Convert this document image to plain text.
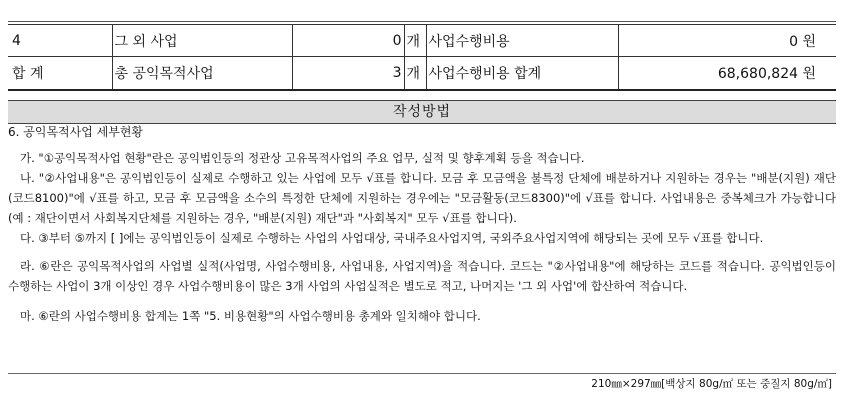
4	그 외 사업	0	개	사업수행비용	0 원
합 계	총 공익목적사업	3	개	사업수행비용 합계	68,680,824 원
작성방법
6. 공익목적사업 세부현황

가. "①공익목적사업 현황"란은 공익법인등의 정관상 고유목적사업의 주요 업무, 실적 및 향후계획 등을 적습니다.

나. "②사업내용"은 공익법인등이 실제로 수행하고 있는 사업에 모두 √표를 합니다. 모금 후 모금액을 불특정 단체에 배분하거나 지원하는 경우는 "배분(지원) 재단(코드8100)"에 √표를 하고, 모금 후 모금액을 소수의 특정한 단체에 지원하는 경우에는 "모금활동(코드8300)"에 √표를 합니다. 사업내용은 중복체크가 가능합니다(예 : 재단이면서 사회복지단체를 지원하는 경우, "배분(지원) 재단"과 "사회복지" 모두 √표를 합니다).

다. ③부터 ⑤까지 [ ]에는 공익법인등이 실제로 수행하는 사업의 사업대상, 국내주요사업지역, 국외주요사업지역에 해당되는 곳에 모두 √표를 합니다.

라. ⑥란은 공익목적사업의 사업별 실적(사업명, 사업수행비용, 사업내용, 사업지역)을 적습니다. 코드는 "②사업내용"에 해당하는 코드를 적습니다. 공익법인등이 수행하는 사업이 3개 이상인 경우 사업수행비용이 많은 3개 사업의 사업실적은 별도로 적고, 나머지는 '그 외 사업'에 합산하여 적습니다.

마. ⑥란의 사업수행비용 합계는 1쪽 "5. 비용현황"의 사업수행비용 총계와 일치해야 합니다.

210㎜×297㎜[백상지 80g/㎡ 또는 중질지 80g/㎡]
